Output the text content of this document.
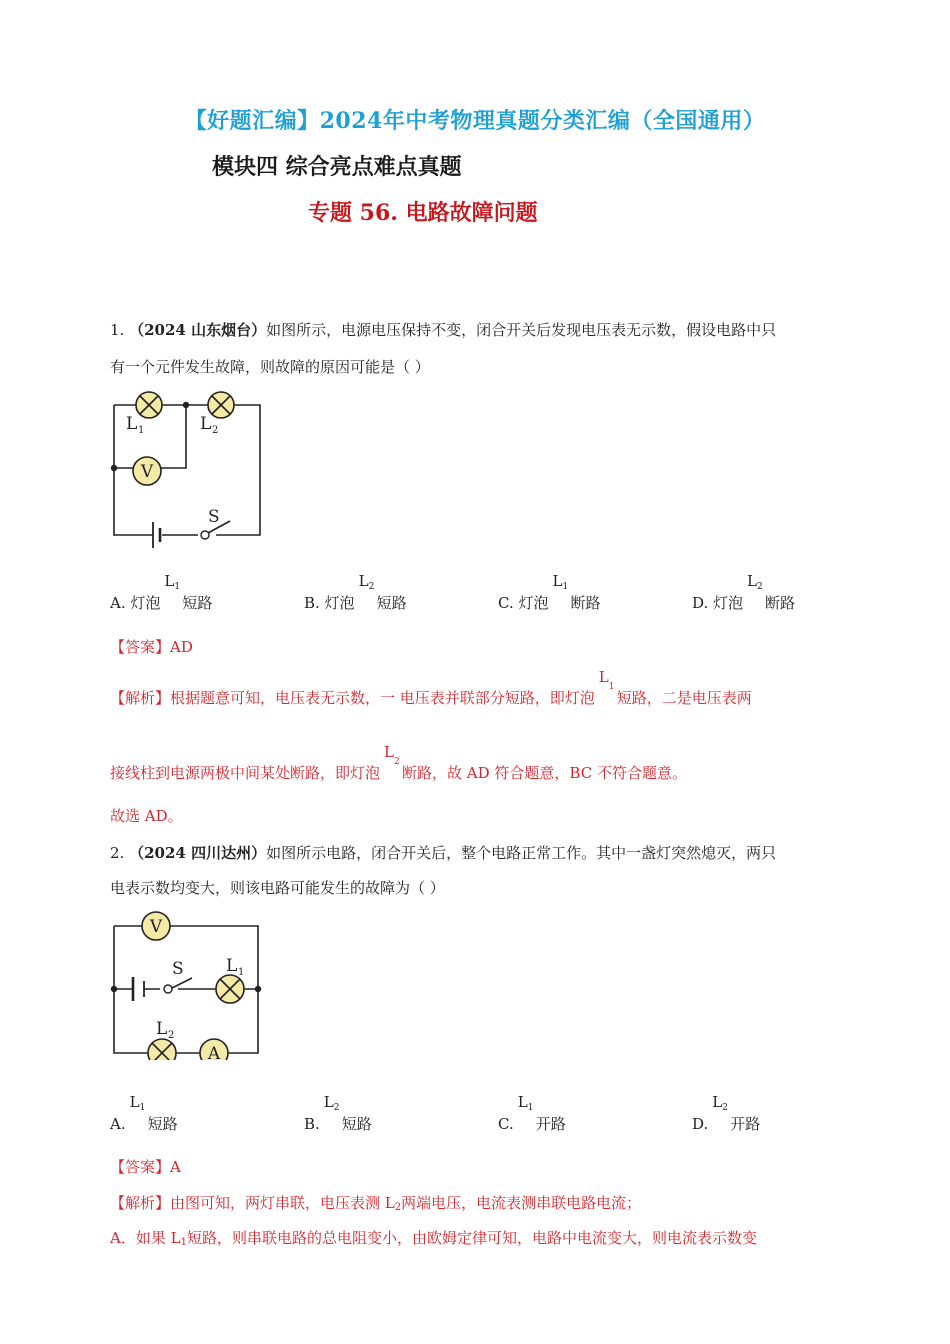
【好题汇编】2024年中考物理真题分类汇编（全国通用）
模块四 综合亮点难点真题
专题 56. 电路故障问题
1. （2024 山东烟台）如图所示，电源电压保持不变，闭合开关后发现电压表无示数，假设电路中只
有一个元件发生故障，则故障的原因可能是（ ）
V
L 1	L 2
S
A. 灯泡
L 1
短路	B. 灯泡
L 2
短路	C. 灯泡
L 1
断路	D. 灯泡
L 2
断路
【答案】AD
【解析】根据题意可知，电压表无示数，一 电压表并联部分短路，即灯泡
L
1
短路，二是电压表两
接线柱到电源两极中间某处断路，即灯泡
L
2
断路，故 AD 符合题意，BC 不符合题意。
故选 AD。
2. （2024 四川达州）如图所示电路，闭合开关后，整个电路正常工作。其中一盏灯突然熄灭，两只
电表示数均变大，则该电路可能发生的故障为（ ）
V
A
S L 1
L 2
A.
L 1
短路	B.
L 2
短路	C.
L 1
开路	D.
L 2
开路
【答案】A
【解析】由图可知，两灯串联，电压表测 $L_2$两端电压，电流表测串联电路电流；
A．如果 $L_1$短路，则串联电路的总电阻变小，由欧姆定律可知，电路中电流变大，则电流表示数变
